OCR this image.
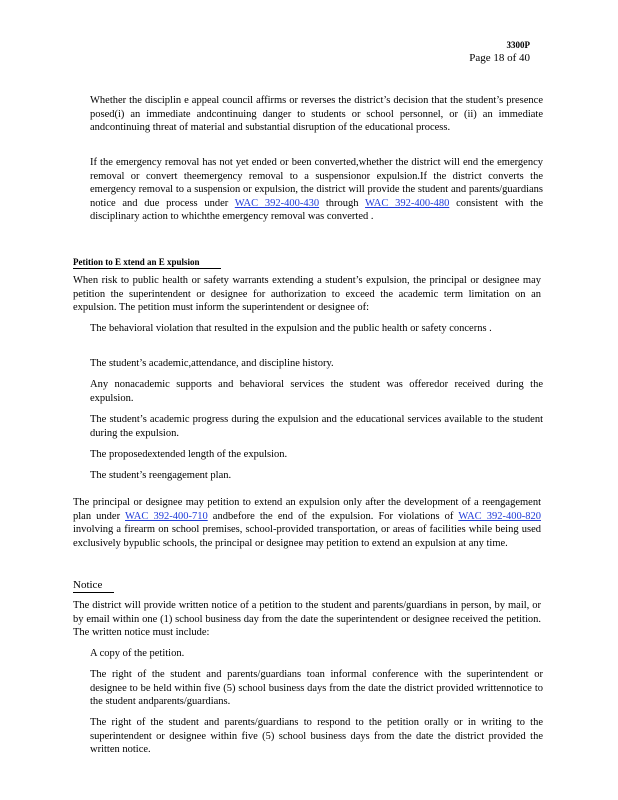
3300P
Page 18 of 40
Whether the disciplin e appeal council affirms or reverses the district’s decision that the student’s presence posed(i) an immediate andcontinuing danger to students or school personnel, or (ii) an immediate andcontinuing threat of material and substantial disruption of the educational process.
If the emergency removal has not yet ended or been converted,whether the district will end the emergency removal or convert theemergency removal to a suspensionor expulsion.If the district converts the emergency removal to a suspension or expulsion, the district will provide the student and parents/guardians notice and due process under WAC 392-400-430 through WAC 392-400-480 consistent with the disciplinary action to whichthe emergency removal was converted .
Petition to E xtend an E xpulsion
When risk to public health or safety warrants extending a student’s expulsion, the principal or designee may petition the superintendent or designee for authorization to exceed the academic term limitation on an expulsion. The petition must inform the superintendent or designee of:
The behavioral violation that resulted in the expulsion and the public health or safety concerns .
The student’s academic,attendance, and discipline history.
Any nonacademic supports and behavioral services the student was offeredor received during the expulsion.
The student’s academic progress during the expulsion and the educational services available to the student during the expulsion.
The proposedextended length of the expulsion.
The student’s reengagement plan.
The principal or designee may petition to extend an expulsion only after the development of a reengagement plan under WAC 392-400-710 andbefore the end of the expulsion. For violations of WAC 392-400-820 involving a firearm on school premises, school-provided transportation, or areas of facilities while being used exclusively bypublic schools, the principal or designee may petition to extend an expulsion at any time.
Notice
The district will provide written notice of a petition to the student and parents/guardians in person, by mail, or by email within one (1) school business day from the date the superintendent or designee received the petition. The written notice must include:
A copy of the petition.
The right of the student and parents/guardians toan informal conference with the superintendent or designee to be held within five (5) school business days from the date the district provided writtennotice to the student andparents/guardians.
The right of the student and parents/guardians to respond to the petition orally or in writing to the superintendent or designee within five (5) school business days from the date the district provided the written notice.
